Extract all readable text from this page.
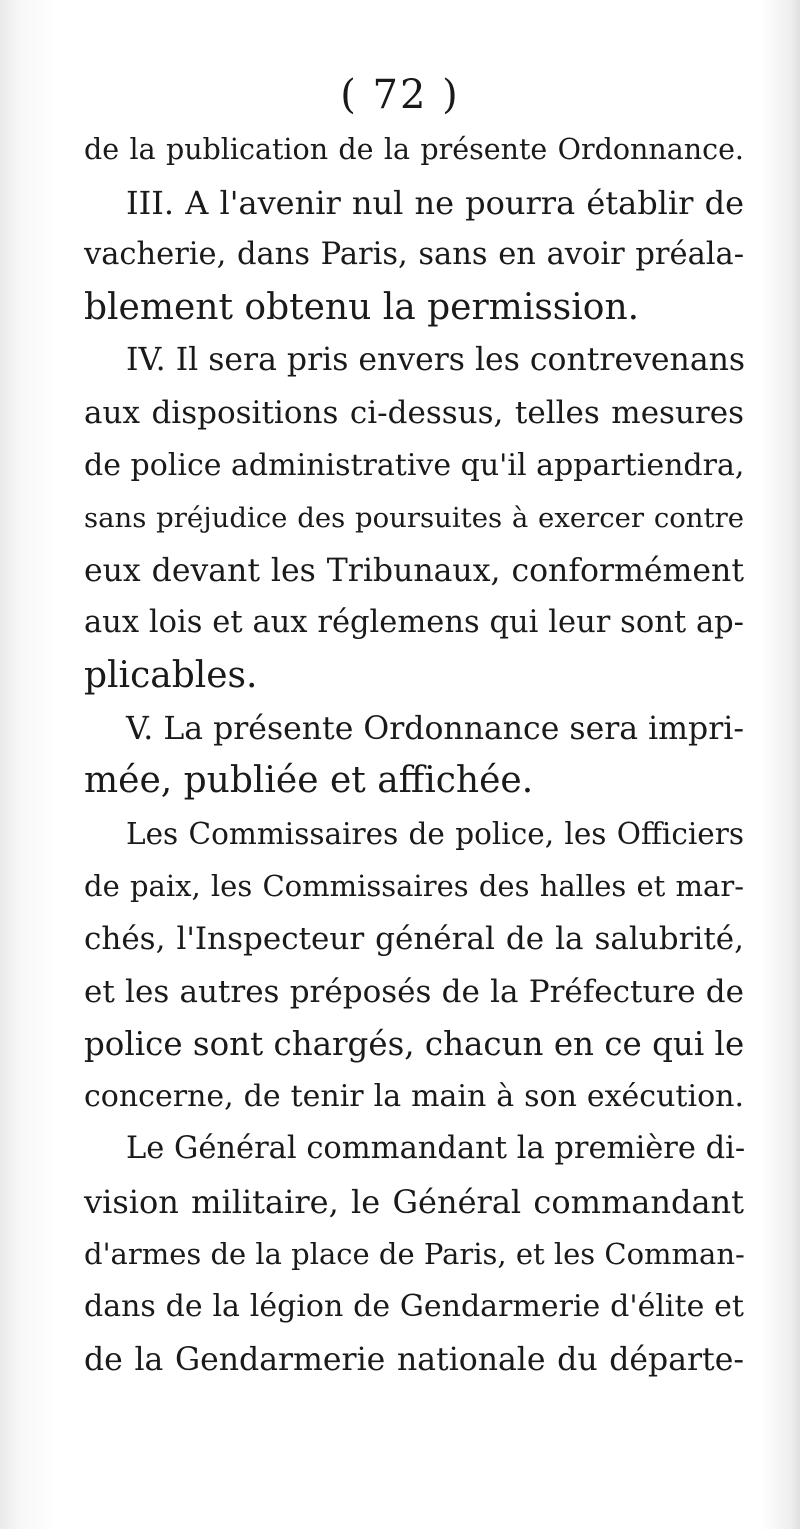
( 72 )
de la publication de la présente Ordonnance.
III. A l'avenir nul ne pourra établir de
vacherie, dans Paris, sans en avoir préala-
blement obtenu la permission.
IV. Il sera pris envers les contrevenans
aux dispositions ci-dessus, telles mesures
de police administrative qu'il appartiendra,
sans préjudice des poursuites à exercer contre
eux devant les Tribunaux, conformément
aux lois et aux réglemens qui leur sont ap-
plicables.
V. La présente Ordonnance sera impri-
mée, publiée et affichée.
Les Commissaires de police, les Officiers
de paix, les Commissaires des halles et mar-
chés, l'Inspecteur général de la salubrité,
et les autres préposés de la Préfecture de
police sont chargés, chacun en ce qui le
concerne, de tenir la main à son exécution.
Le Général commandant la première di-
vision militaire, le Général commandant
d'armes de la place de Paris, et les Comman-
dans de la légion de Gendarmerie d'élite et
de la Gendarmerie nationale du départe-
